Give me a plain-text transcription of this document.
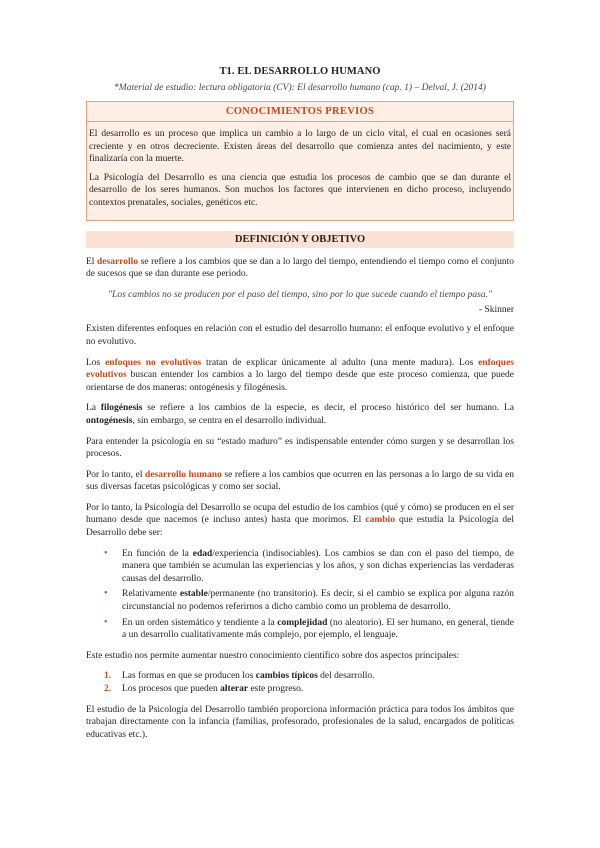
T1. EL DESARROLLO HUMANO
*Material de estudio: lectura obligatoria (CV): El desarrollo humano (cap. 1) – Delval, J. (2014)
CONOCIMIENTOS PREVIOS

El desarrollo es un proceso que implica un cambio a lo largo de un ciclo vital, el cual en ocasiones será creciente y en otros decreciente. Existen áreas del desarrollo que comienza antes del nacimiento, y este finalizaría con la muerte.

La Psicología del Desarrollo es una ciencia que estudia los procesos de cambio que se dan durante el desarrollo de los seres humanos. Son muchos los factores que intervienen en dicho proceso, incluyendo contextos prenatales, sociales, genéticos etc.

DEFINICIÓN Y OBJETIVO

El desarrollo se refiere a los cambios que se dan a lo largo del tiempo, entendiendo el tiempo como el conjunto de sucesos que se dan durante ese periodo.

"Los cambios no se producen por el paso del tiempo, sino por lo que sucede cuando el tiempo pasa."
- Skinner

Existen diferentes enfoques en relación con el estudio del desarrollo humano: el enfoque evolutivo y el enfoque no evolutivo.

Los enfoques no evolutivos tratan de explicar únicamente al adulto (una mente madura). Los enfoques evolutivos buscan entender los cambios a lo largo del tiempo desde que este proceso comienza, que puede orientarse de dos maneras: ontogénesis y filogénesis.

La filogénesis se refiere a los cambios de la especie, es decir, el proceso histórico del ser humano. La ontogénesis, sin embargo, se centra en el desarrollo individual.

Para entender la psicología en su “estado maduro” es indispensable entender cómo surgen y se desarrollan los procesos.

Por lo tanto, el desarrollo humano se refiere a los cambios que ocurren en las personas a lo largo de su vida en sus diversas facetas psicológicas y como ser social.

Por lo tanto, la Psicología del Desarrollo se ocupa del estudio de los cambios (qué y cómo) se producen en el ser humano desde que nacemos (e incluso antes) hasta que morimos. El cambio que estudia la Psicología del Desarrollo debe ser:

• En función de la edad/experiencia (indisociables). Los cambios se dan con el paso del tiempo, de manera que también se acumulan las experiencias y los años, y son dichas experiencias las verdaderas causas del desarrollo.
• Relativamente estable/permanente (no transitorio). Es decir, si el cambio se explica por alguna razón circunstancial no podemos referirnos a dicho cambio como un problema de desarrollo.
• En un orden sistemático y tendiente a la complejidad (no aleatorio). El ser humano, en general, tiende a un desarrollo cualitativamente más complejo, por ejemplo, el lenguaje.

Este estudio nos permite aumentar nuestro conocimiento científico sobre dos aspectos principales:

1. Las formas en que se producen los cambios típicos del desarrollo.
2. Los procesos que pueden alterar este progreso.

El estudio de la Psicología del Desarrollo también proporciona información práctica para todos los ámbitos que trabajan directamente con la infancia (familias, profesorado, profesionales de la salud, encargados de políticas educativas etc.).
